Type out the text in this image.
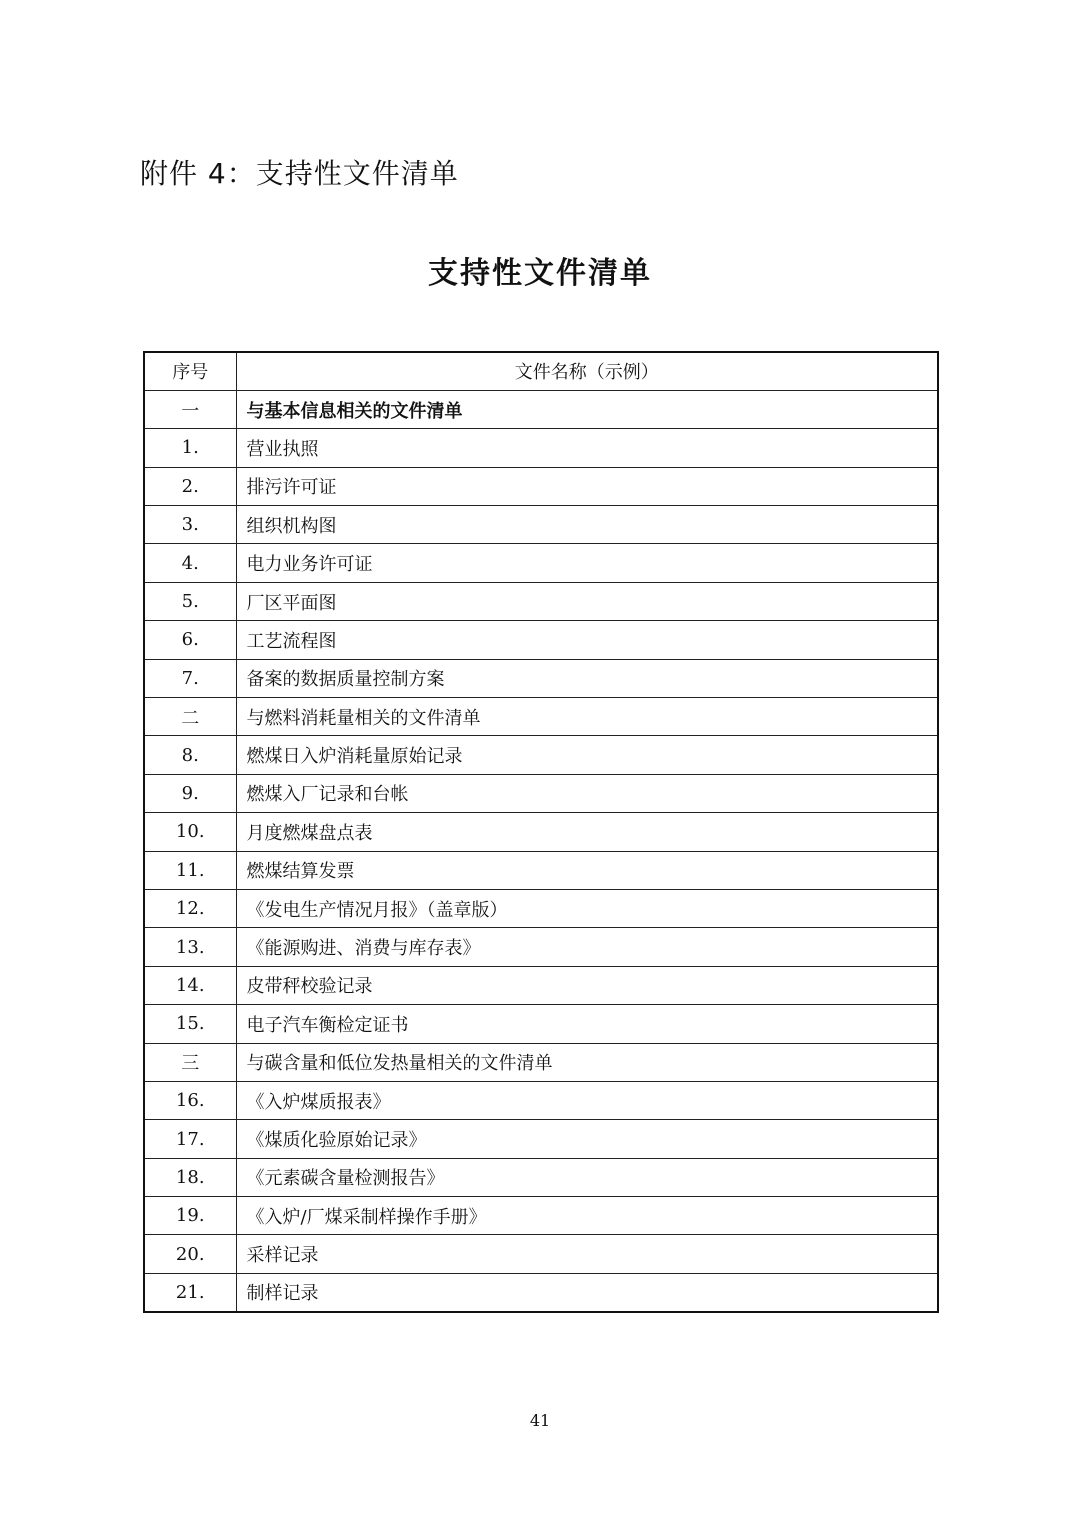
附件 4：支持性文件清单
支持性文件清单
序号	文件名称（示例）
一	与基本信息相关的文件清单
1.	营业执照
2.	排污许可证
3.	组织机构图
4.	电力业务许可证
5.	厂区平面图
6.	工艺流程图
7.	备案的数据质量控制方案
二	与燃料消耗量相关的文件清单
8.	燃煤日入炉消耗量原始记录
9.	燃煤入厂记录和台帐
10.	月度燃煤盘点表
11.	燃煤结算发票
12.	《发电生产情况月报》（盖章版）
13.	《能源购进、消费与库存表》
14.	皮带秤校验记录
15.	电子汽车衡检定证书
三	与碳含量和低位发热量相关的文件清单
16.	《入炉煤质报表》
17.	《煤质化验原始记录》
18.	《元素碳含量检测报告》
19.	《入炉/厂煤采制样操作手册》
20.	采样记录
21.	制样记录
41
